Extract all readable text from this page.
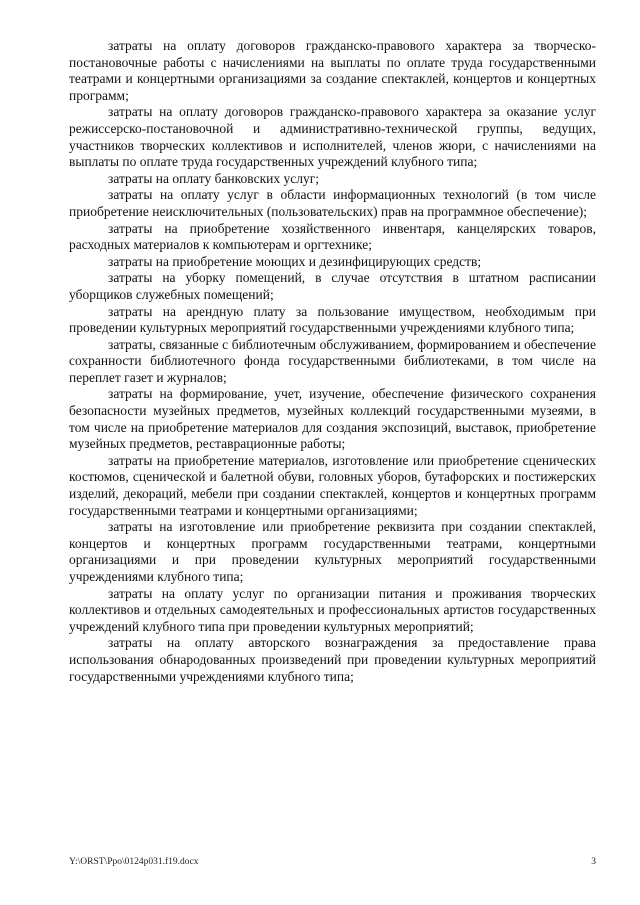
затраты на оплату договоров гражданско-правового характера за творческо-постановочные работы с начислениями на выплаты по оплате труда государственными театрами и концертными организациями за создание спектаклей, концертов и концертных программ;

затраты на оплату договоров гражданско-правового характера за оказание услуг режиссерско-постановочной и административно-технической группы, ведущих, участников творческих коллективов и исполнителей, членов жюри, с начислениями на выплаты по оплате труда государственных учреждений клубного типа;

затраты на оплату банковских услуг;

затраты на оплату услуг в области информационных технологий (в том числе приобретение неисключительных (пользовательских) прав на программное обеспечение);

затраты на приобретение хозяйственного инвентаря, канцелярских товаров, расходных материалов к компьютерам и оргтехнике;

затраты на приобретение моющих и дезинфицирующих средств;

затраты на уборку помещений, в случае отсутствия в штатном расписании уборщиков служебных помещений;

затраты на арендную плату за пользование имуществом, необходимым при проведении культурных мероприятий государственными учреждениями клубного типа;

затраты, связанные с библиотечным обслуживанием, формированием и обеспечение сохранности библиотечного фонда государственными библиотеками, в том числе на переплет газет и журналов;

затраты на формирование, учет, изучение, обеспечение физического сохранения безопасности музейных предметов, музейных коллекций государственными музеями, в том числе на приобретение материалов для создания экспозиций, выставок, приобретение музейных предметов, реставрационные работы;

затраты на приобретение материалов, изготовление или приобретение сценических костюмов, сценической и балетной обуви, головных уборов, бутафорских и постижерских изделий, декораций, мебели при создании спектаклей, концертов и концертных программ государственными театрами и концертными организациями;

затраты на изготовление или приобретение реквизита при создании спектаклей, концертов и концертных программ государственными театрами, концертными организациями и при проведении культурных мероприятий государственными учреждениями клубного типа;

затраты на оплату услуг по организации питания и проживания творческих коллективов и отдельных самодеятельных и профессиональных артистов государственных учреждений клубного типа при проведении культурных мероприятий;

затраты на оплату авторского вознаграждения за предоставление права использования обнародованных произведений при проведении культурных мероприятий государственными учреждениями клубного типа;

Y:\ORST\Ppo\0124p031.f19.docx	3
